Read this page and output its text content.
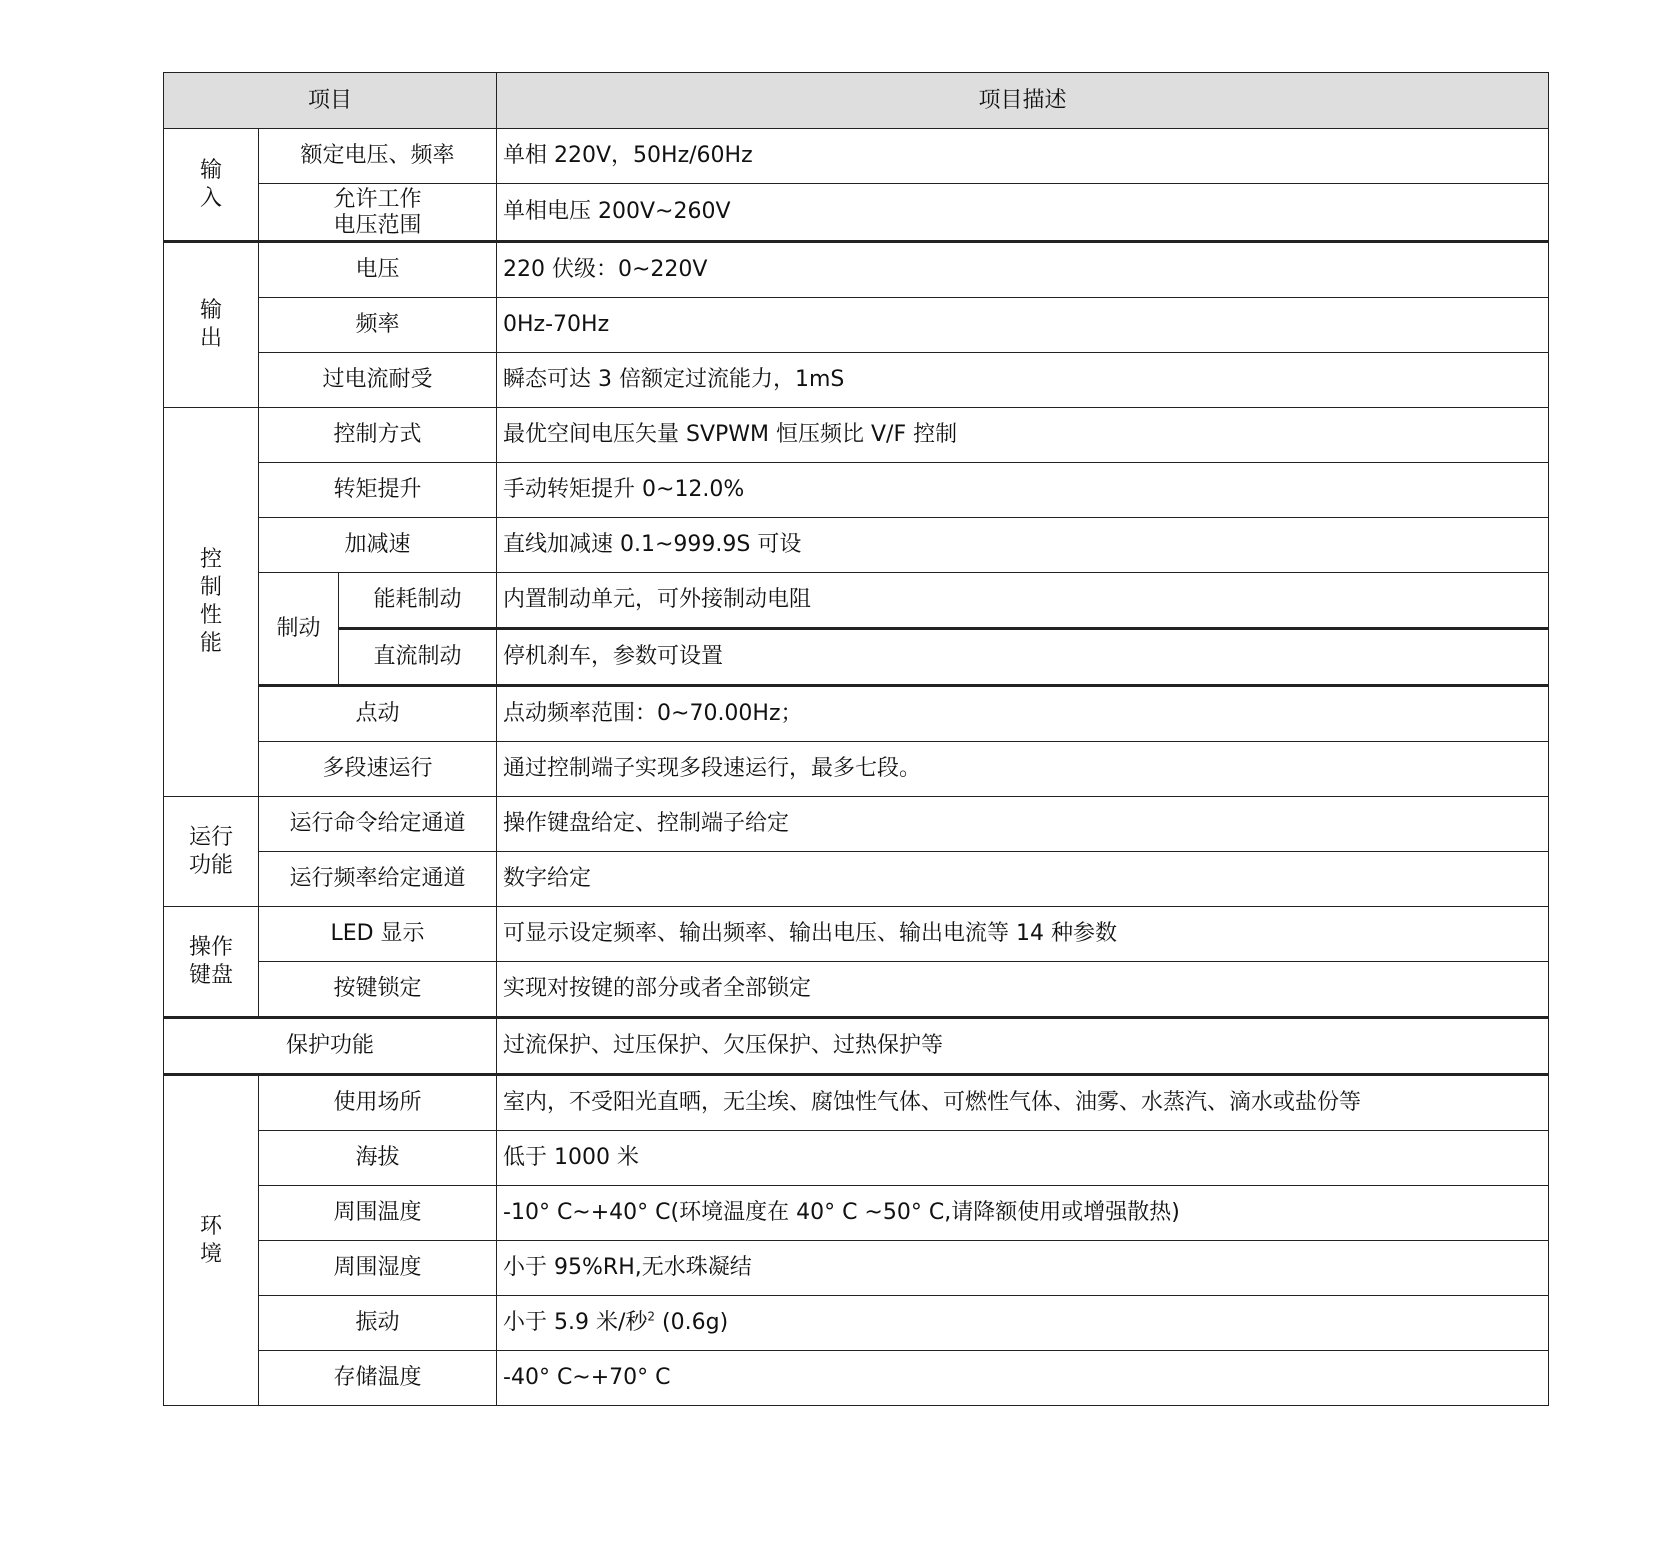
项目			项目描述

输入	额定电压、频率		单相 220V，50Hz/60Hz

	允许工作电压范围		单相电压 200V~260V

输出	电压		220 伏级：0~220V
	频率		0Hz-70Hz
	过电流耐受		瞬态可达 3 倍额定过流能力，1mS

控制性能	控制方式		最优空间电压矢量 SVPWM 恒压频比 V/F 控制
	转矩提升		手动转矩提升 0~12.0%
	加减速		直线加减速 0.1~999.9S 可设
	制动	能耗制动	内置制动单元，可外接制动电阻
		直流制动	停机刹车，参数可设置
	点动		点动频率范围：0~70.00Hz；
	多段速运行		通过控制端子实现多段速运行，最多七段。

运行功能	运行命令给定通道		操作键盘给定、控制端子给定
	运行频率给定通道		数字给定

操作键盘	LED 显示		可显示设定频率、输出频率、输出电压、输出电流等 14 种参数
	按键锁定		实现对按键的部分或者全部锁定
保护功能			过流保护、过压保护、欠压保护、过热保护等

环境	使用场所		室内，不受阳光直晒，无尘埃、腐蚀性气体、可燃性气体、油雾、水蒸汽、滴水或盐份等
	海拔		低于 1000 米
	周围温度		-10° C~+40° C(环境温度在 40° C ~50° C,请降额使用或增强散热)
	周围湿度		小于 95%RH,无水珠凝结
	振动		小于 5.9 米/秒$^2$ (0.6g)
	存储温度		-40° C~+70° C
